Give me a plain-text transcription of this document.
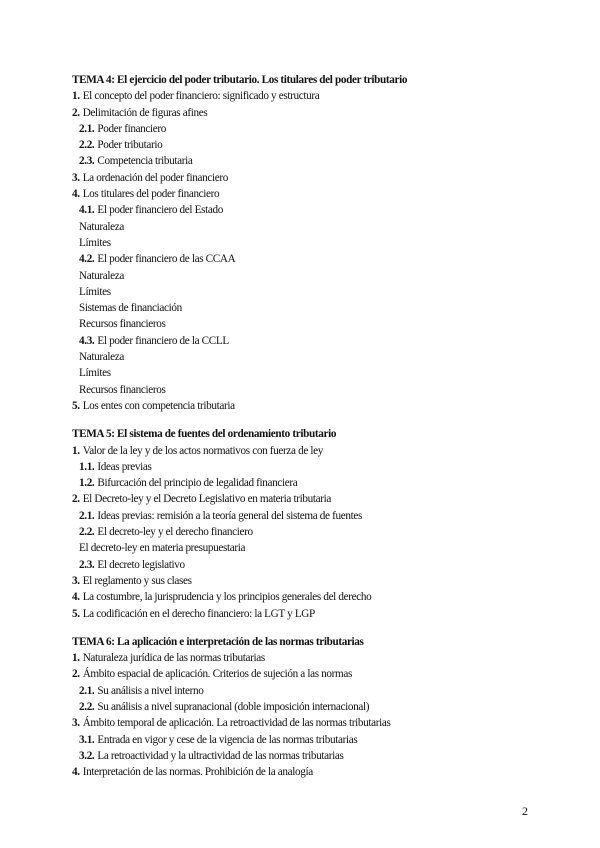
TEMA 4: El ejercicio del poder tributario. Los titulares del poder tributario
1. El concepto del poder financiero: significado y estructura
2. Delimitación de figuras afines
2.1. Poder financiero
2.2. Poder tributario
2.3. Competencia tributaria
3. La ordenación del poder financiero
4. Los titulares del poder financiero
4.1. El poder financiero del Estado
Naturaleza
Límites
4.2. El poder financiero de las CCAA
Naturaleza
Límites
Sistemas de financiación
Recursos financieros
4.3. El poder financiero de la CCLL
Naturaleza
Límites
Recursos financieros
5. Los entes con competencia tributaria
TEMA 5: El sistema de fuentes del ordenamiento tributario
1. Valor de la ley y de los actos normativos con fuerza de ley
1.1. Ideas previas
1.2. Bifurcación del principio de legalidad financiera
2. El Decreto-ley y el Decreto Legislativo en materia tributaria
2.1. Ideas previas: remisión a la teoría general del sistema de fuentes
2.2. El decreto-ley y el derecho financiero
El decreto-ley en materia presupuestaria
2.3. El decreto legislativo
3. El reglamento y sus clases
4. La costumbre, la jurisprudencia y los principios generales del derecho
5. La codificación en el derecho financiero: la LGT y LGP
TEMA 6: La aplicación e interpretación de las normas tributarias
1. Naturaleza jurídica de las normas tributarias
2. Ámbito espacial de aplicación. Criterios de sujeción a las normas
2.1. Su análisis a nivel interno
2.2. Su análisis a nivel supranacional (doble imposición internacional)
3. Ámbito temporal de aplicación. La retroactividad de las normas tributarias
3.1. Entrada en vigor y cese de la vigencia de las normas tributarias
3.2. La retroactividad y la ultractividad de las normas tributarias
4. Interpretación de las normas. Prohibición de la analogía
2
